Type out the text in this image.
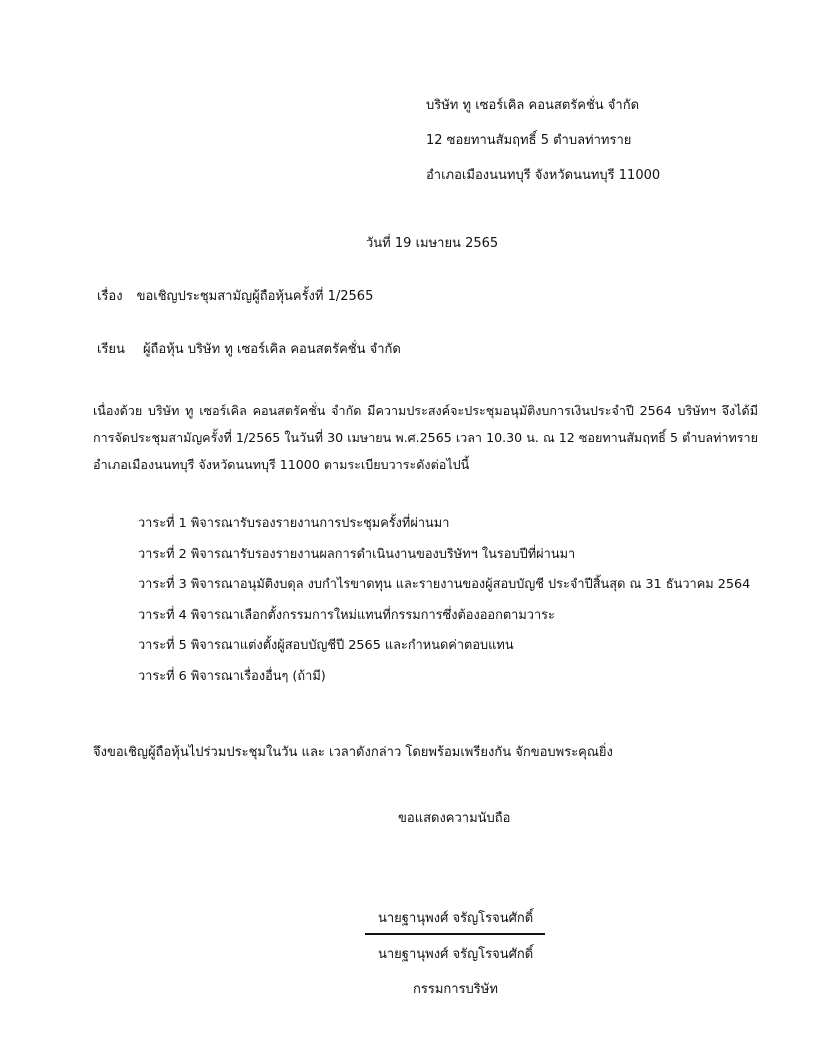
บริษัท ทู เซอร์เคิล คอนสตรัคชั่น จำกัด
12 ซอยทานสัมฤทธิ์ 5 ตำบลท่าทราย
อำเภอเมืองนนทบุรี จังหวัดนนทบุรี 11000
วันที่ 19 เมษายน 2565
เรื่อง ขอเชิญประชุมสามัญผู้ถือหุ้นครั้งที่ 1/2565
เรียน ผู้ถือหุ้น บริษัท ทู เซอร์เคิล คอนสตรัคชั่น จำกัด
เนื่องด้วย บริษัท ทู เซอร์เคิล คอนสตรัคชั่น จำกัด มีความประสงค์จะประชุมอนุมัติงบการเงินประจำปี 2564 บริษัทฯ จึงได้มีการจัดประชุมสามัญครั้งที่ 1/2565 ในวันที่ 30 เมษายน พ.ศ.2565 เวลา 10.30 น. ณ 12 ซอยทานสัมฤทธิ์ 5 ตำบลท่าทราย อำเภอเมืองนนทบุรี จังหวัดนนทบุรี 11000 ตามระเบียบวาระดังต่อไปนี้
วาระที่ 1 พิจารณารับรองรายงานการประชุมครั้งที่ผ่านมา
วาระที่ 2 พิจารณารับรองรายงานผลการดำเนินงานของบริษัทฯ ในรอบปีที่ผ่านมา
วาระที่ 3 พิจารณาอนุมัติงบดุล งบกำไรขาดทุน และรายงานของผู้สอบบัญชี ประจำปีสิ้นสุด ณ 31 ธันวาคม 2564
วาระที่ 4 พิจารณาเลือกตั้งกรรมการใหม่แทนที่กรรมการซึ่งต้องออกตามวาระ
วาระที่ 5 พิจารณาแต่งตั้งผู้สอบบัญชีปี 2565 และกำหนดค่าตอบแทน
วาระที่ 6 พิจารณาเรื่องอื่นๆ (ถ้ามี)
จึงขอเชิญผู้ถือหุ้นไปร่วมประชุมในวัน และ เวลาดังกล่าว โดยพร้อมเพรียงกัน จักขอบพระคุณยิ่ง
ขอแสดงความนับถือ
นายฐานุพงศ์ จรัญโรจนศักดิ์
นายฐานุพงศ์ จรัญโรจนศักดิ์
กรรมการบริษัท
